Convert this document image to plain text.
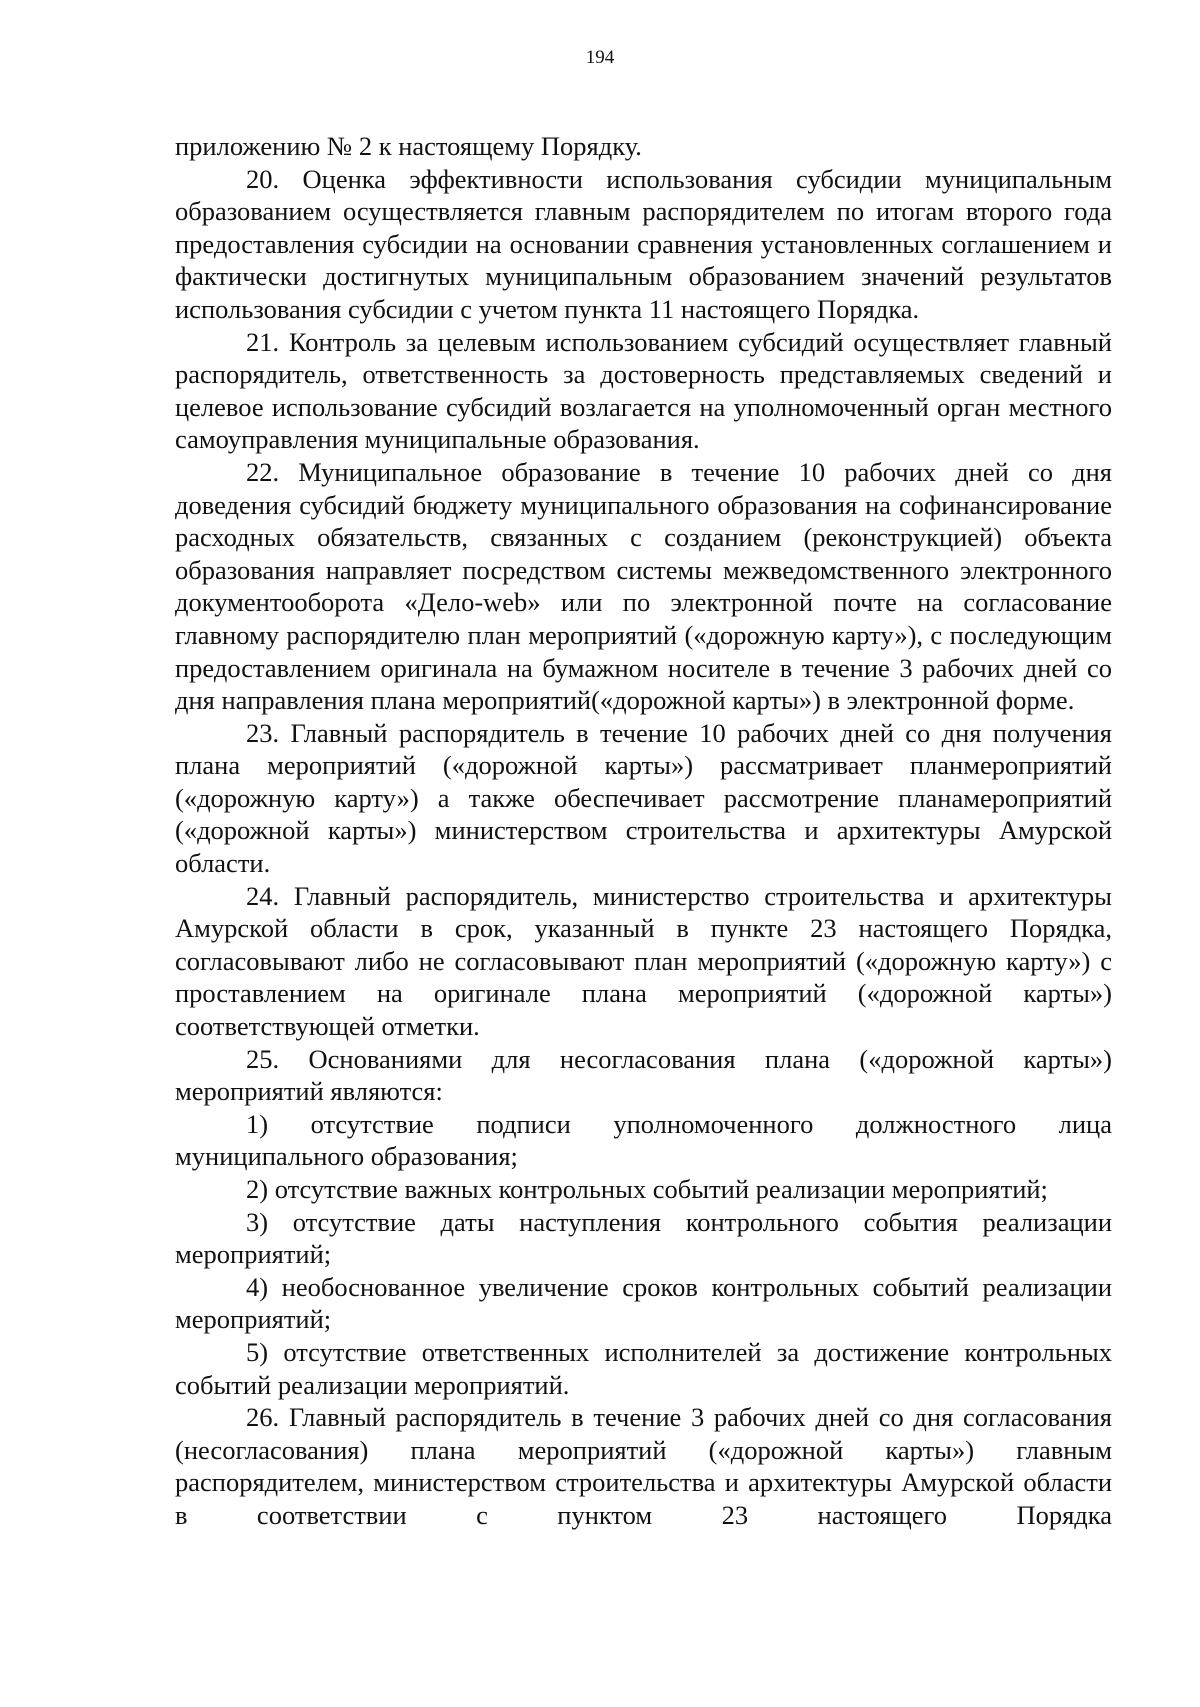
194

приложению № 2 к настоящему Порядку.

20. Оценка эффективности использования субсидии муниципальным образованием осуществляется главным распорядителем по итогам второго года предоставления субсидии на основании сравнения установленных соглашением и фактически достигнутых муниципальным образованием значений результатов использования субсидии с учетом пункта 11 настоящего Порядка.

21. Контроль за целевым использованием субсидий осуществляет главный распорядитель, ответственность за достоверность представляемых сведений и целевое использование субсидий возлагается на уполномоченный орган местного самоуправления муниципальные образования.

22. Муниципальное образование в течение 10 рабочих дней со дня доведения субсидий бюджету муниципального образования на софинансирование расходных обязательств, связанных с созданием (реконструкцией) объекта образования направляет посредством системы межведомственного электронного документооборота «Дело-web» или по электронной почте на согласование главному распорядителю план мероприятий («дорожную карту»), с последующим предоставлением оригинала на бумажном носителе в течение 3 рабочих дней со дня направления плана мероприятий(«дорожной карты») в электронной форме.

23. Главный распорядитель в течение 10 рабочих дней со дня получения плана мероприятий («дорожной карты») рассматривает планмероприятий («дорожную карту») а также обеспечивает рассмотрение планамероприятий («дорожной карты») министерством строительства и архитектуры Амурской области.

24. Главный распорядитель, министерство строительства и архитектуры Амурской области в срок, указанный в пункте 23 настоящего Порядка, согласовывают либо не согласовывают план мероприятий («дорожную карту») с проставлением на оригинале плана мероприятий («дорожной карты») соответствующей отметки.

25. Основаниями для несогласования плана («дорожной карты») мероприятий являются:

1) отсутствие подписи уполномоченного должностного лица муниципального образования;

2) отсутствие важных контрольных событий реализации мероприятий;

3) отсутствие даты наступления контрольного события реализации мероприятий;

4) необоснованное увеличение сроков контрольных событий реализации мероприятий;

5) отсутствие ответственных исполнителей за достижение контрольных событий реализации мероприятий.

26. Главный распорядитель в течение 3 рабочих дней со дня согласования (несогласования) плана мероприятий («дорожной карты») главным распорядителем, министерством строительства и архитектуры Амурской области в соответствии с пунктом 23 настоящего Порядка
